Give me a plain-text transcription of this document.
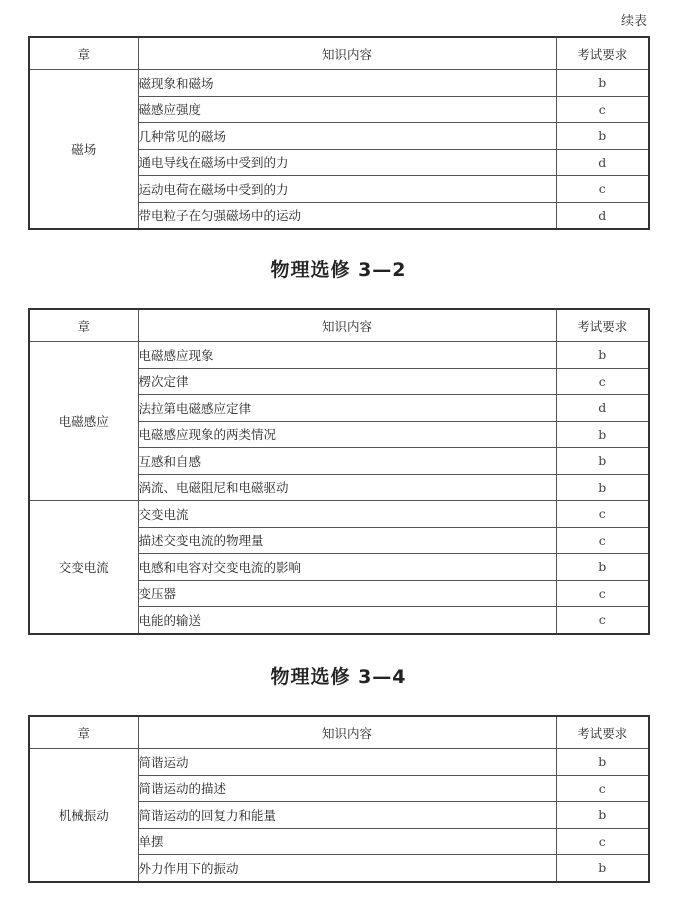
续表
章	知识内容	考试要求
磁场	磁现象和磁场	b
	磁感应强度	c
	几种常见的磁场	b
	通电导线在磁场中受到的力	d
	运动电荷在磁场中受到的力	c
	带电粒子在匀强磁场中的运动	d
物理选修 3—2
章	知识内容	考试要求
电磁感应	电磁感应现象	b
	楞次定律	c
	法拉第电磁感应定律	d
	电磁感应现象的两类情况	b
	互感和自感	b
	涡流、电磁阻尼和电磁驱动	b
交变电流	交变电流	c
	描述交变电流的物理量	c
	电感和电容对交变电流的影响	b
	变压器	c
	电能的输送	c
物理选修 3—4
章	知识内容	考试要求
机械振动	简谐运动	b
	简谐运动的描述	c
	简谐运动的回复力和能量	b
	单摆	c
	外力作用下的振动	b
